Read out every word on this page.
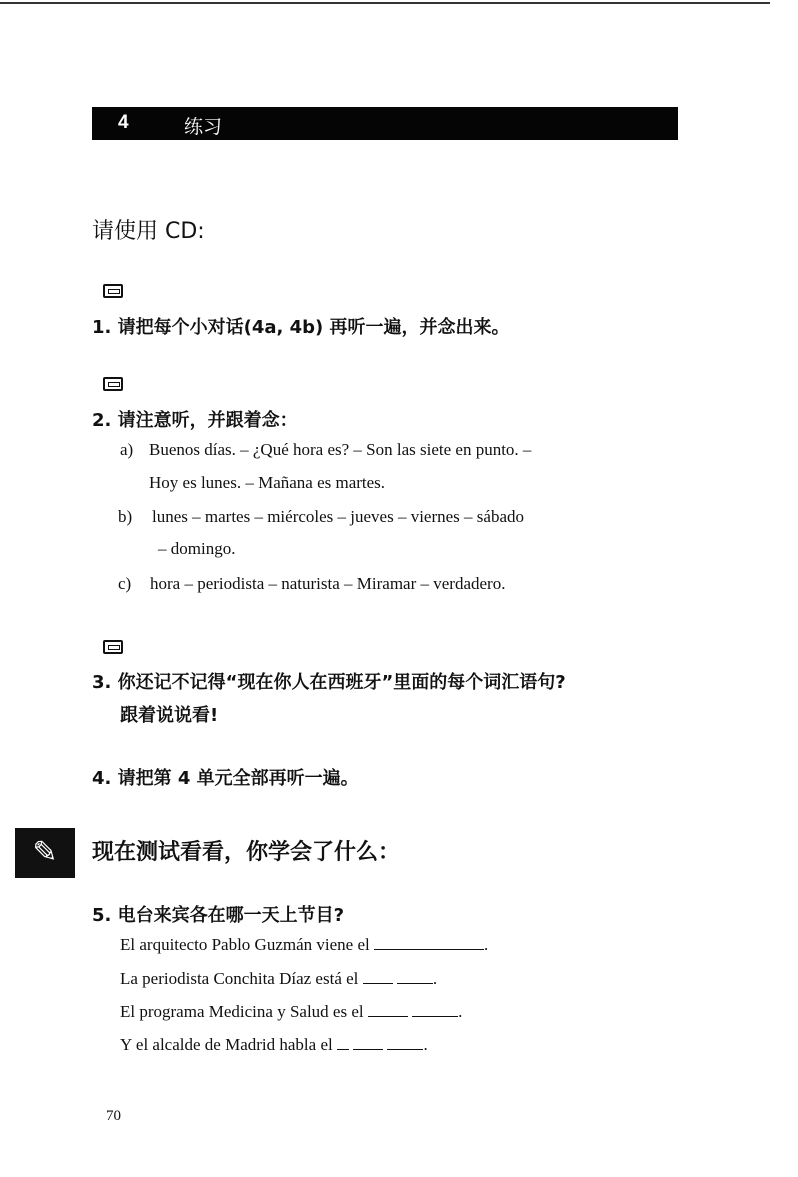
4	练习
请使用 CD:
1. 请把每个小对话(4a, 4b) 再听一遍，并念出来。
2. 请注意听，并跟着念：
a) Buenos días. – ¿Qué hora es? – Son las siete en punto. –
Hoy es lunes. – Mañana es martes.
b) lunes – martes – miércoles – jueves – viernes – sábado
– domingo.
c) hora – periodista – naturista – Miramar – verdadero.
3. 你还记不记得“现在你人在西班牙”里面的每个词汇语句?
跟着说说看!
4. 请把第 4 单元全部再听一遍。
✎	现在测试看看，你学会了什么：
5. 电台来宾各在哪一天上节目?
El arquitecto Pablo Guzmán viene el	.
La periodista Conchita Díaz está el	.
El programa Medicina y Salud es el	.
Y el alcalde de Madrid habla el	.
70
